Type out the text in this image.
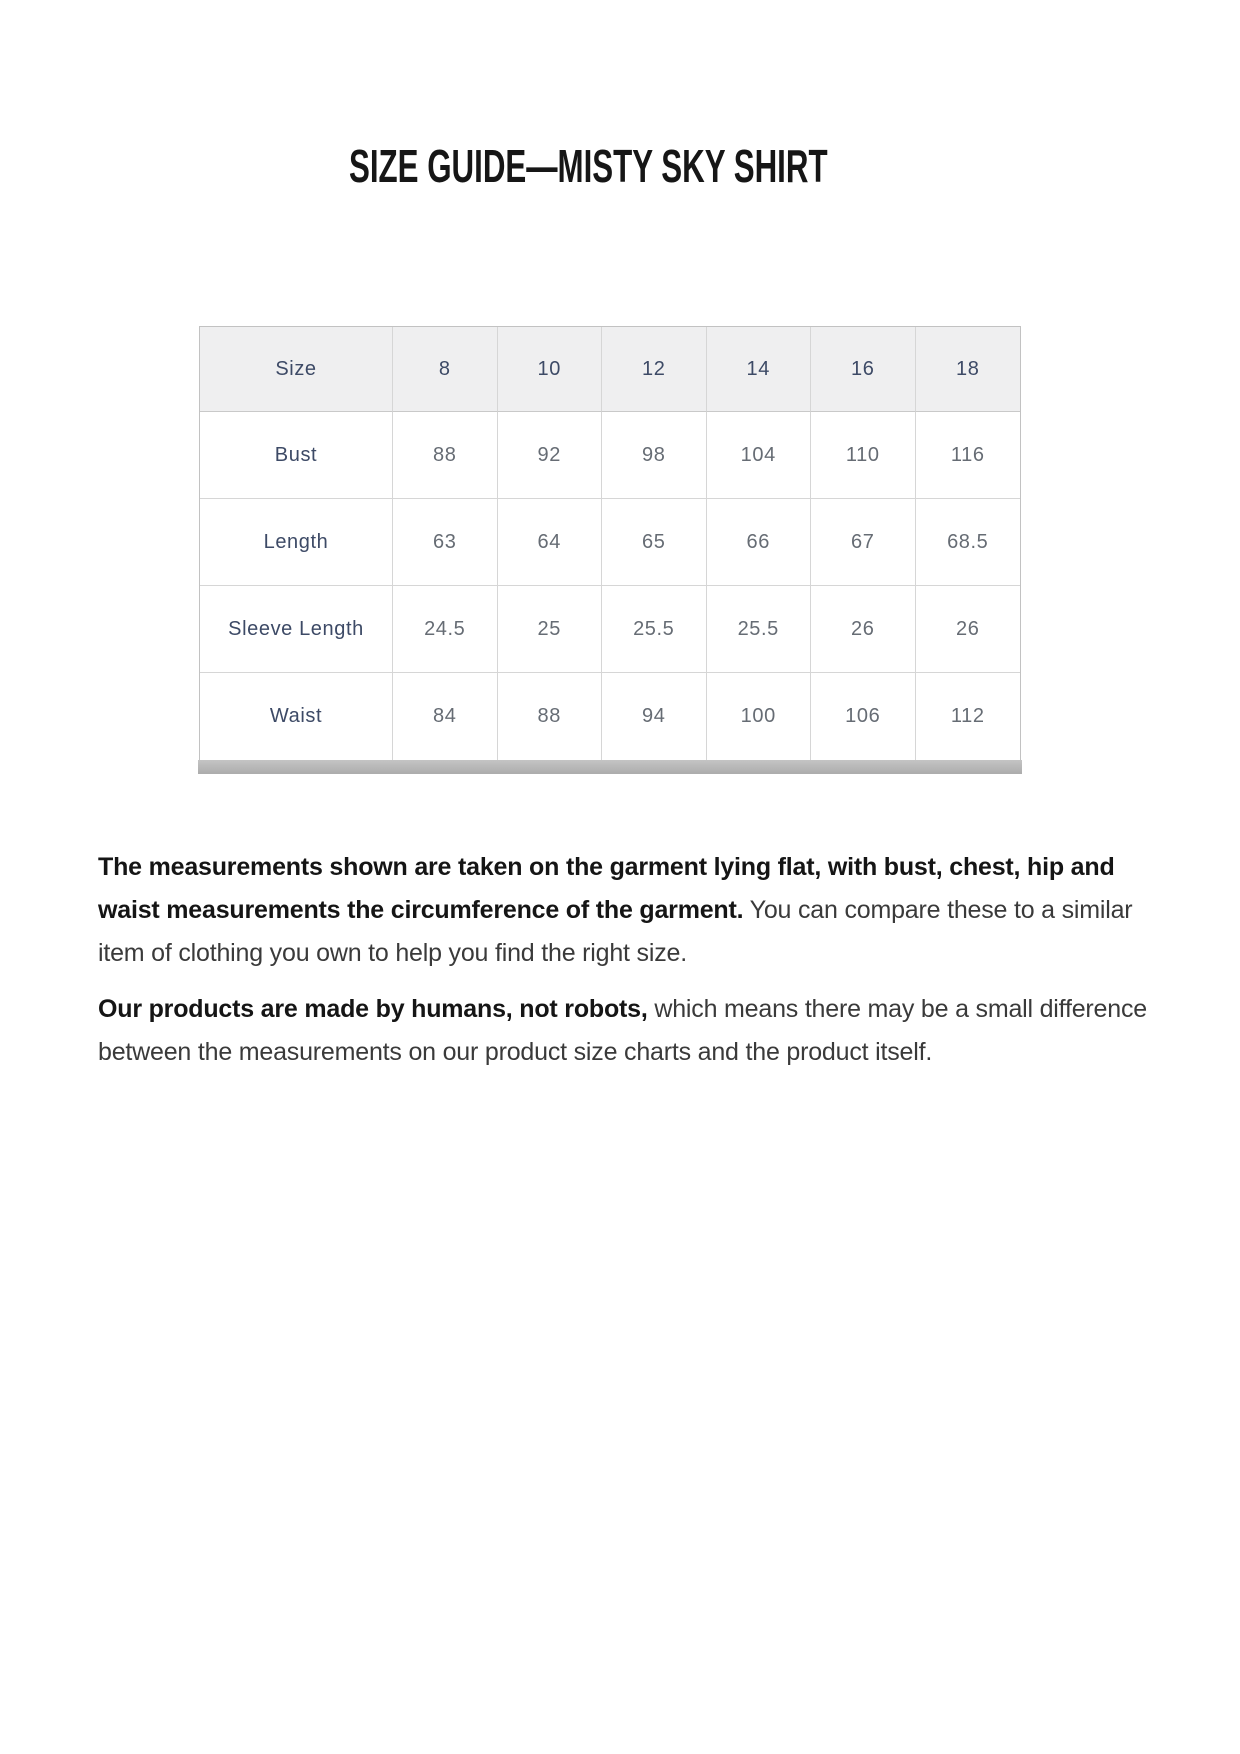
SIZE GUIDE—MISTY SKY SHIRT
Size	8	10	12	14	16	18
Bust	88	92	98	104	110	116
Length	63	64	65	66	67	68.5
Sleeve Length	24.5	25	25.5	25.5	26	26
Waist	84	88	94	100	106	112

The measurements shown are taken on the garment lying flat, with bust, chest, hip and waist measurements the circumference of the garment. You can compare these to a similar item of clothing you own to help you find the right size.

Our products are made by humans, not robots, which means there may be a small difference between the measurements on our product size charts and the product itself.
